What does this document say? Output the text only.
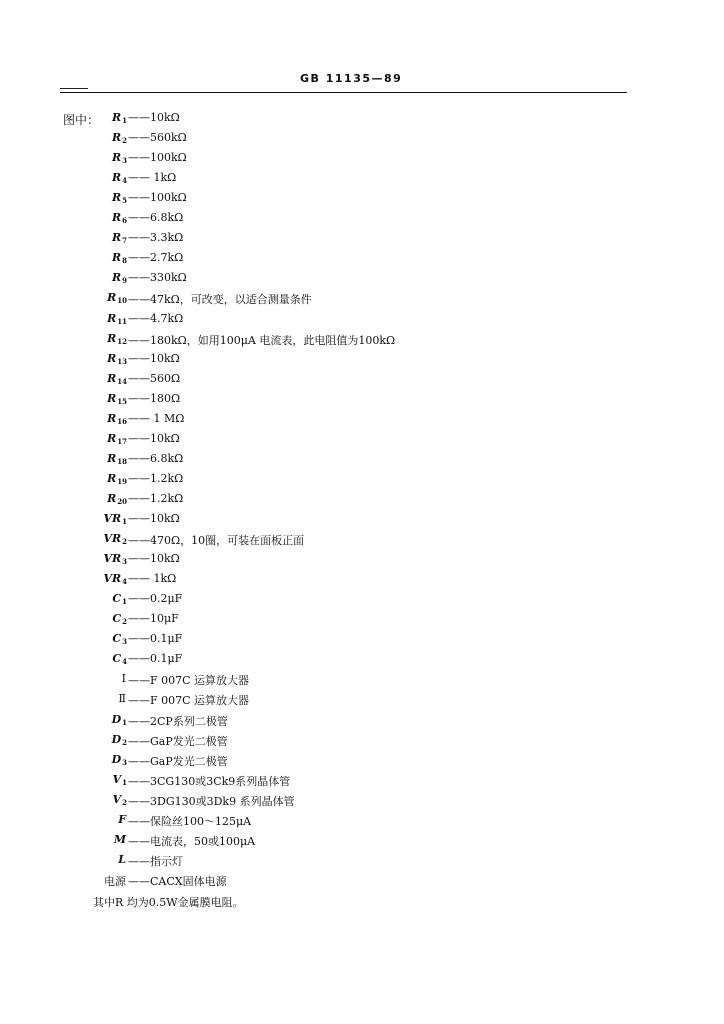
GB 11135—89
图中： $R_1$ ——10kΩ
$R_2$ ——560kΩ
$R_3$ ——100kΩ
$R_4$ —— 1kΩ
$R_5$ ——100kΩ
$R_6$ ——6.8kΩ
$R_7$ ——3.3kΩ
$R_8$ ——2.7kΩ
$R_9$ ——330kΩ
$R_{10}$ ——47kΩ，可改变，以适合测量条件
$R_{11}$ ——4.7kΩ
$R_{12}$ ——180kΩ，如用100μA 电流表，此电阻值为100kΩ
$R_{13}$ ——10kΩ
$R_{14}$ ——560Ω
$R_{15}$ ——180Ω
$R_{16}$ —— 1 MΩ
$R_{17}$ ——10kΩ
$R_{18}$ ——6.8kΩ
$R_{19}$ ——1.2kΩ
$R_{20}$ ——1.2kΩ
$VR_1$ ——10kΩ
$VR_2$ ——470Ω，10圈，可装在面板正面
$VR_3$ ——10kΩ
$VR_4$ —— 1kΩ
$C_1$ ——0.2μF
$C_2$ ——10μF
$C_3$ ——0.1μF
$C_4$ ——0.1μF
Ⅰ ——F 007C 运算放大器
Ⅱ ——F 007C 运算放大器
$D_1$ ——2CP系列二极管
$D_2$ ——GaP发光二极管
$D_3$ ——GaP发光二极管
$V_1$ ——3CG130或3Ck9系列晶体管
$V_2$ ——3DG130或3Dk9 系列晶体管
F ——保险丝100～125μA
M ——电流表，50或100μA
L ——指示灯
电源 ——CACX固体电源
其中R 均为0.5W金属膜电阻。
